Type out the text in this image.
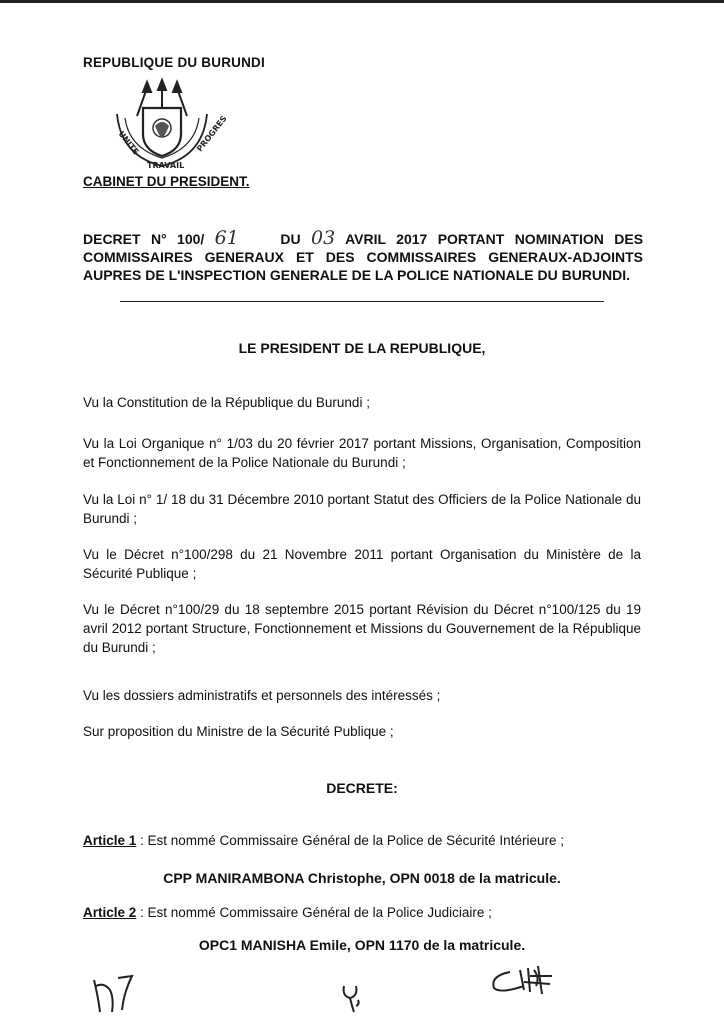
REPUBLIQUE DU BURUNDI
UNITE
TRAVAIL
PROGRES
CABINET DU PRESIDENT.
DECRET N° 100/ 61	DU 03 AVRIL 2017 PORTANT NOMINATION DES COMMISSAIRES GENERAUX ET DES COMMISSAIRES GENERAUX-ADJOINTS AUPRES DE L'INSPECTION GENERALE DE LA POLICE NATIONALE DU BURUNDI.
LE PRESIDENT DE LA REPUBLIQUE,

Vu la Constitution de la République du Burundi ;

Vu la Loi Organique n° 1/03 du 20 février 2017 portant Missions, Organisation, Composition et Fonctionnement de la Police Nationale du Burundi ;

Vu la Loi n° 1/ 18 du 31 Décembre 2010 portant Statut des Officiers de la Police Nationale du Burundi ;

Vu le Décret n°100/298 du 21 Novembre 2011 portant Organisation du Ministère de la Sécurité Publique ;

Vu le Décret n°100/29 du 18 septembre 2015 portant Révision du Décret n°100/125 du 19 avril 2012 portant Structure, Fonctionnement et Missions du Gouvernement de la République du Burundi ;

Vu les dossiers administratifs et personnels des intéressés ;

Sur proposition du Ministre de la Sécurité Publique ;

DECRETE:
Article 1 : Est nommé Commissaire Général de la Police de Sécurité Intérieure ;
CPP MANIRAMBONA Christophe, OPN 0018 de la matricule.
Article 2 : Est nommé Commissaire Général de la Police Judiciaire ;
OPC1 MANISHA Emile, OPN 1170 de la matricule.
